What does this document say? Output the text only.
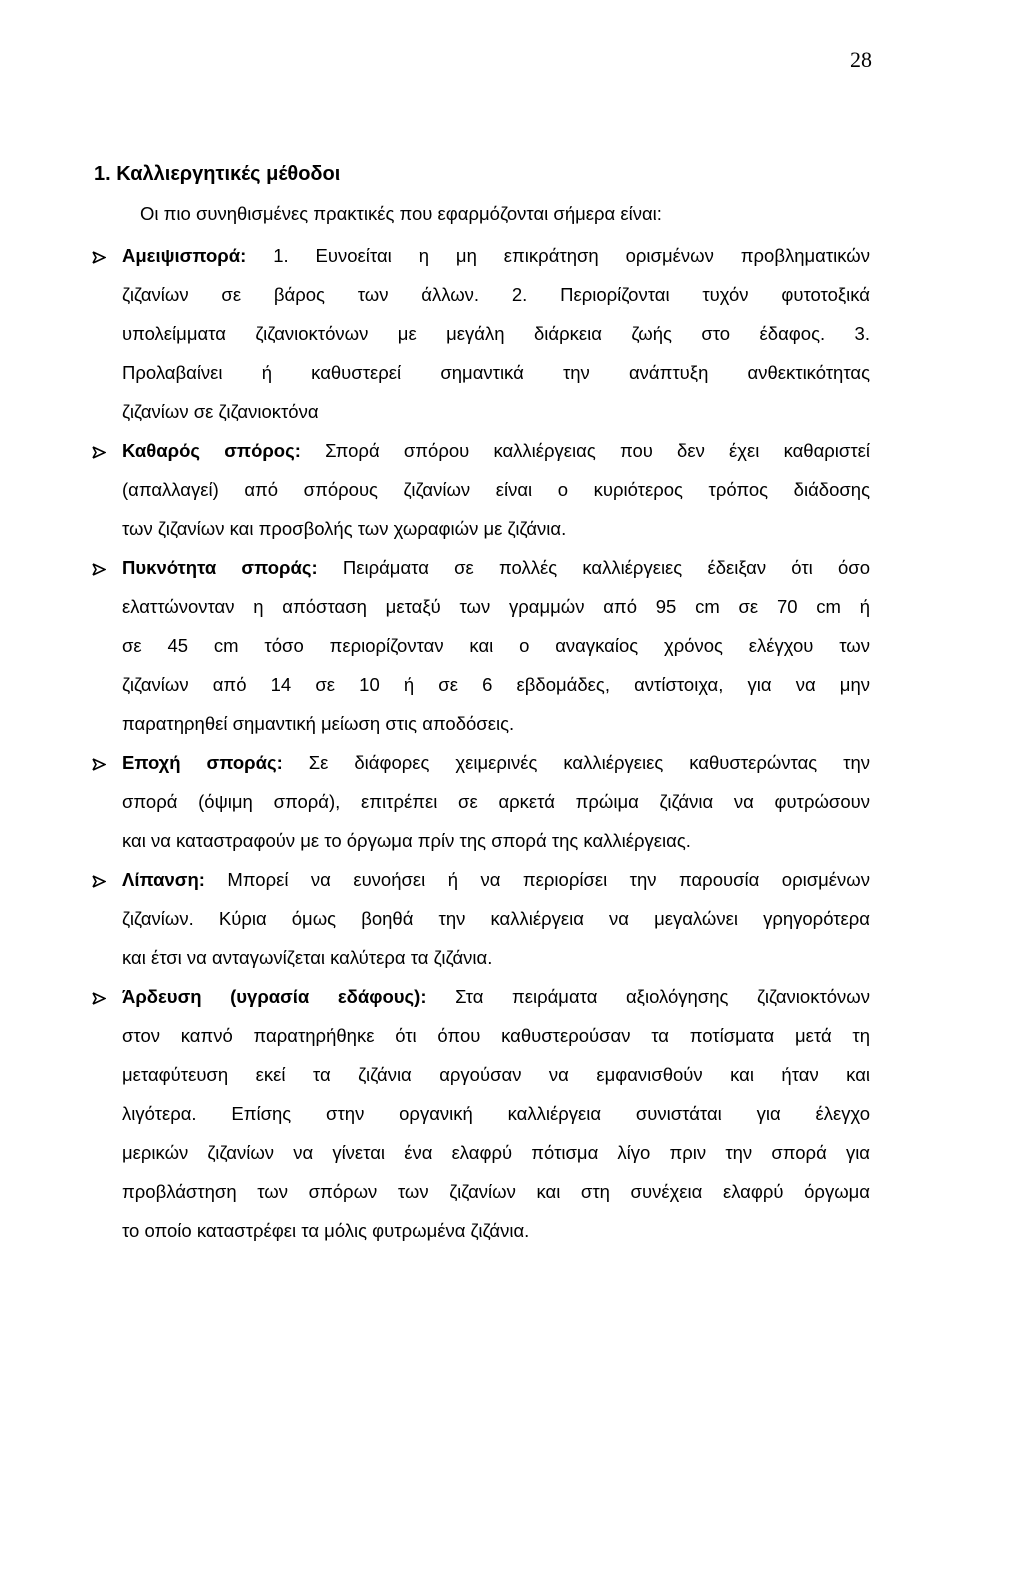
28
1. Καλλιεργητικές μέθοδοι
Οι πιο συνηθισμένες πρακτικές που εφαρμόζονται σήμερα είναι:
Αμειψισπορά: 1. Ευνοείται η μη επικράτηση ορισμένων προβληματικών
ζιζανίων σε βάρος των άλλων. 2. Περιορίζονται τυχόν φυτοτοξικά
υπολείμματα ζιζανιοκτόνων με μεγάλη διάρκεια ζωής στο έδαφος. 3.
Προλαβαίνει ή καθυστερεί σημαντικά την ανάπτυξη ανθεκτικότητας
ζιζανίων σε ζιζανιοκτόνα
Καθαρός σπόρος: Σπορά σπόρου καλλιέργειας που δεν έχει καθαριστεί
(απαλλαγεί) από σπόρους ζιζανίων είναι ο κυριότερος τρόπος διάδοσης
των ζιζανίων και προσβολής των χωραφιών με ζιζάνια.
Πυκνότητα σποράς: Πειράματα σε πολλές καλλιέργειες έδειξαν ότι όσο
ελαττώνονταν η απόσταση μεταξύ των γραμμών από 95 cm σε 70 cm ή
σε 45 cm τόσο περιορίζονταν και ο αναγκαίος χρόνος ελέγχου των
ζιζανίων από 14 σε 10 ή σε 6 εβδομάδες, αντίστοιχα, για να μην
παρατηρηθεί σημαντική μείωση στις αποδόσεις.
Εποχή σποράς: Σε διάφορες χειμερινές καλλιέργειες καθυστερώντας την
σπορά (όψιμη σπορά), επιτρέπει σε αρκετά πρώιμα ζιζάνια να φυτρώσουν
και να καταστραφούν με το όργωμα πρίν της σπορά της καλλιέργειας.
Λίπανση: Μπορεί να ευνοήσει ή να περιορίσει την παρουσία ορισμένων
ζιζανίων. Κύρια όμως βοηθά την καλλιέργεια να μεγαλώνει γρηγορότερα
και έτσι να ανταγωνίζεται καλύτερα τα ζιζάνια.
Άρδευση (υγρασία εδάφους): Στα πειράματα αξιολόγησης ζιζανιοκτόνων
στον καπνό παρατηρήθηκε ότι όπου καθυστερούσαν τα ποτίσματα μετά τη
μεταφύτευση εκεί τα ζιζάνια αργούσαν να εμφανισθούν και ήταν και
λιγότερα. Επίσης στην οργανική καλλιέργεια συνιστάται για έλεγχο
μερικών ζιζανίων να γίνεται ένα ελαφρύ πότισμα λίγο πριν την σπορά για
προβλάστηση των σπόρων των ζιζανίων και στη συνέχεια ελαφρύ όργωμα
το οποίο καταστρέφει τα μόλις φυτρωμένα ζιζάνια.
